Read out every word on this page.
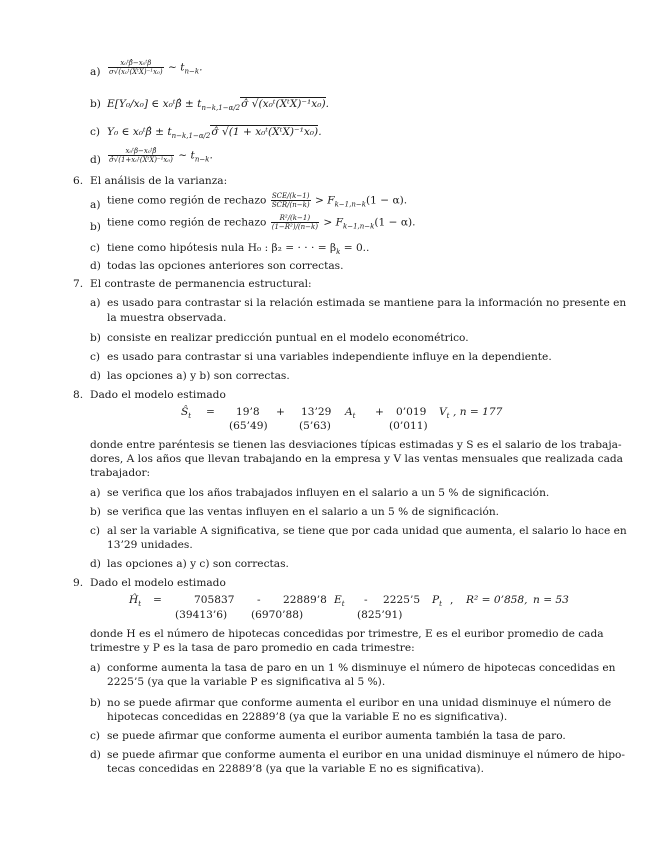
$a) \frac{\text{x₀ᵗβ̂−x₀ᵗβ}}{\text{σ√(x₀ᵗ(XᵗX)⁻¹x₀)}}$ ∼ $t_{n-k}$.
b) E[Y₀/x₀] ∈ x₀ᵗβ̂ ± $t_{n-k,1-\alpha/2}\sigmâ$ √(x₀ᵗ(XᵗX)⁻¹x₀).
c) Y₀ ∈ x₀ᵗβ̂ ± $t_{n-k,1-\alpha/2}\sigmâ$ √(1 + x₀ᵗ(XᵗX)⁻¹x₀).
$d) \frac{\text{x₀ᵗβ−x₀ᵗβ̂}}{\text{σ̂√(1+x₀ᵗ(XᵗX)⁻¹x₀)}}$ ∼ $t_{n-k}$.
6. El análisis de la varianza:
a) tiene como región de rechazo $\frac{\text{SCE/(k−1)}}{\text{SCR/(n−k)}} > F_{k-1,n-k}(1 - \alpha)$.
b) tiene como región de rechazo $\frac{\text{R²/(k−1)}}{\text{(1−R²)/(n−k)}} > F_{k-1,n-k}(1 - \alpha)$.
c) tiene como hipótesis nula H₀ : β₂ = · · · = $\beta_k = 0$..
d) todas las opciones anteriores son correctas.
7. El contraste de permanencia estructural:
a) es usado para contrastar si la relación estimada se mantiene para la información no presente en
la muestra observada.
b) consiste en realizar predicción puntual en el modelo econométrico.
c) es usado para contrastar si una variables independiente influye en la dependiente.
d) las opciones a) y b) son correctas.
8. Dado el modelo estimado
$Ŝ_t$ = 19’8 + 13’29 $A_t$ + 0’019 $V_t$ , n = 177
(65’49)	(5’63)	(0’011)
donde entre paréntesis se tienen las desviaciones típicas estimadas y S es el salario de los trabaja-
dores, A los años que llevan trabajando en la empresa y V las ventas mensuales que realizada cada
trabajador:
a) se verifica que los años trabajados influyen en el salario a un 5 % de significación.
b) se verifica que las ventas influyen en el salario a un 5 % de significación.
c) al ser la variable A significativa, se tiene que por cada unidad que aumenta, el salario lo hace en
13’29 unidades.
d) las opciones a) y c) son correctas.
9. Dado el modelo estimado
$Ĥ_t$ =	705837 - 22889’8 $E_t$ - 2225’5 $P_t$ , R² = 0’858, n = 53
(39413’6) (6970’88)	(825’91)
donde H es el número de hipotecas concedidas por trimestre, E es el euribor promedio de cada
trimestre y P es la tasa de paro promedio en cada trimestre:
a) conforme aumenta la tasa de paro en un 1 % disminuye el número de hipotecas concedidas en
2225’5 (ya que la variable P es significativa al 5 %).
b) no se puede afirmar que conforme aumenta el euribor en una unidad disminuye el número de
hipotecas concedidas en 22889’8 (ya que la variable E no es significativa).
c) se puede afirmar que conforme aumenta el euribor aumenta también la tasa de paro.
d) se puede afirmar que conforme aumenta el euribor en una unidad disminuye el número de hipo-
tecas concedidas en 22889’8 (ya que la variable E no es significativa).
